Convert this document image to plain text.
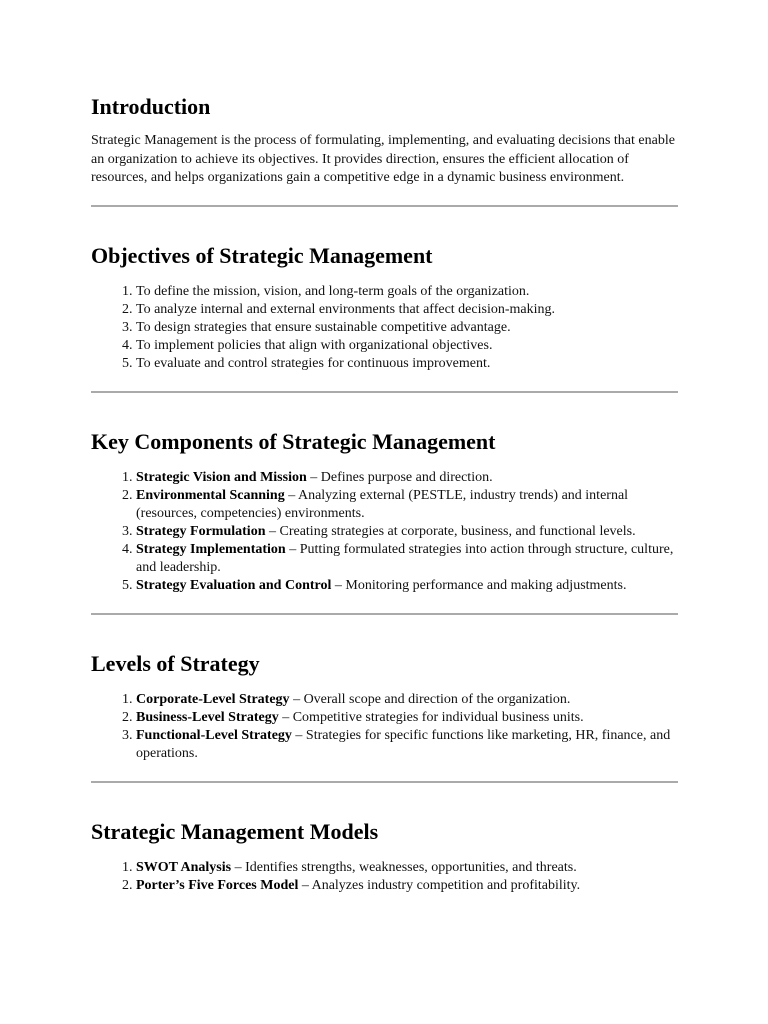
Introduction

Strategic Management is the process of formulating, implementing, and evaluating decisions that enable an organization to achieve its objectives. It provides direction, ensures the efficient allocation of resources, and helps organizations gain a competitive edge in a dynamic business environment.

Objectives of Strategic Management
1. To define the mission, vision, and long-term goals of the organization.
2. To analyze internal and external environments that affect decision-making.
3. To design strategies that ensure sustainable competitive advantage.
4. To implement policies that align with organizational objectives.
5. To evaluate and control strategies for continuous improvement.
Key Components of Strategic Management
1. Strategic Vision and Mission – Defines purpose and direction.
2. Environmental Scanning – Analyzing external (PESTLE, industry trends) and internal (resources, competencies) environments.
3. Strategy Formulation – Creating strategies at corporate, business, and functional levels.
4. Strategy Implementation – Putting formulated strategies into action through structure, culture, and leadership.
5. Strategy Evaluation and Control – Monitoring performance and making adjustments.
Levels of Strategy
1. Corporate-Level Strategy – Overall scope and direction of the organization.
2. Business-Level Strategy – Competitive strategies for individual business units.
3. Functional-Level Strategy – Strategies for specific functions like marketing, HR, finance, and operations.
Strategic Management Models
1. SWOT Analysis – Identifies strengths, weaknesses, opportunities, and threats.
2. Porter’s Five Forces Model – Analyzes industry competition and profitability.
